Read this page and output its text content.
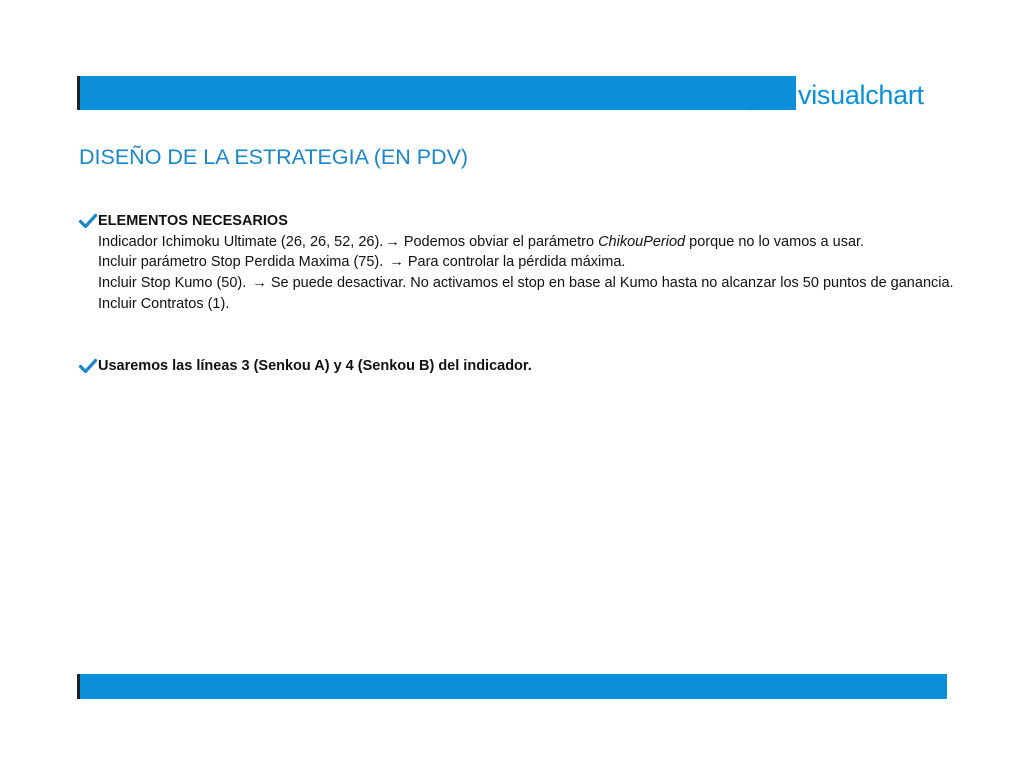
visualchart
DISEÑO DE LA ESTRATEGIA (EN PDV)
ELEMENTOS NECESARIOS
Indicador Ichimoku Ultimate (26, 26, 52, 26). → Podemos obviar el parámetro ChikouPeriod porque no lo vamos a usar.
Incluir parámetro Stop Perdida Maxima (75). → Para controlar la pérdida máxima.
Incluir Stop Kumo (50). → Se puede desactivar. No activamos el stop en base al Kumo hasta no alcanzar los 50 puntos de ganancia.
Incluir Contratos (1).
Usaremos las líneas 3 (Senkou A) y 4 (Senkou B) del indicador.
